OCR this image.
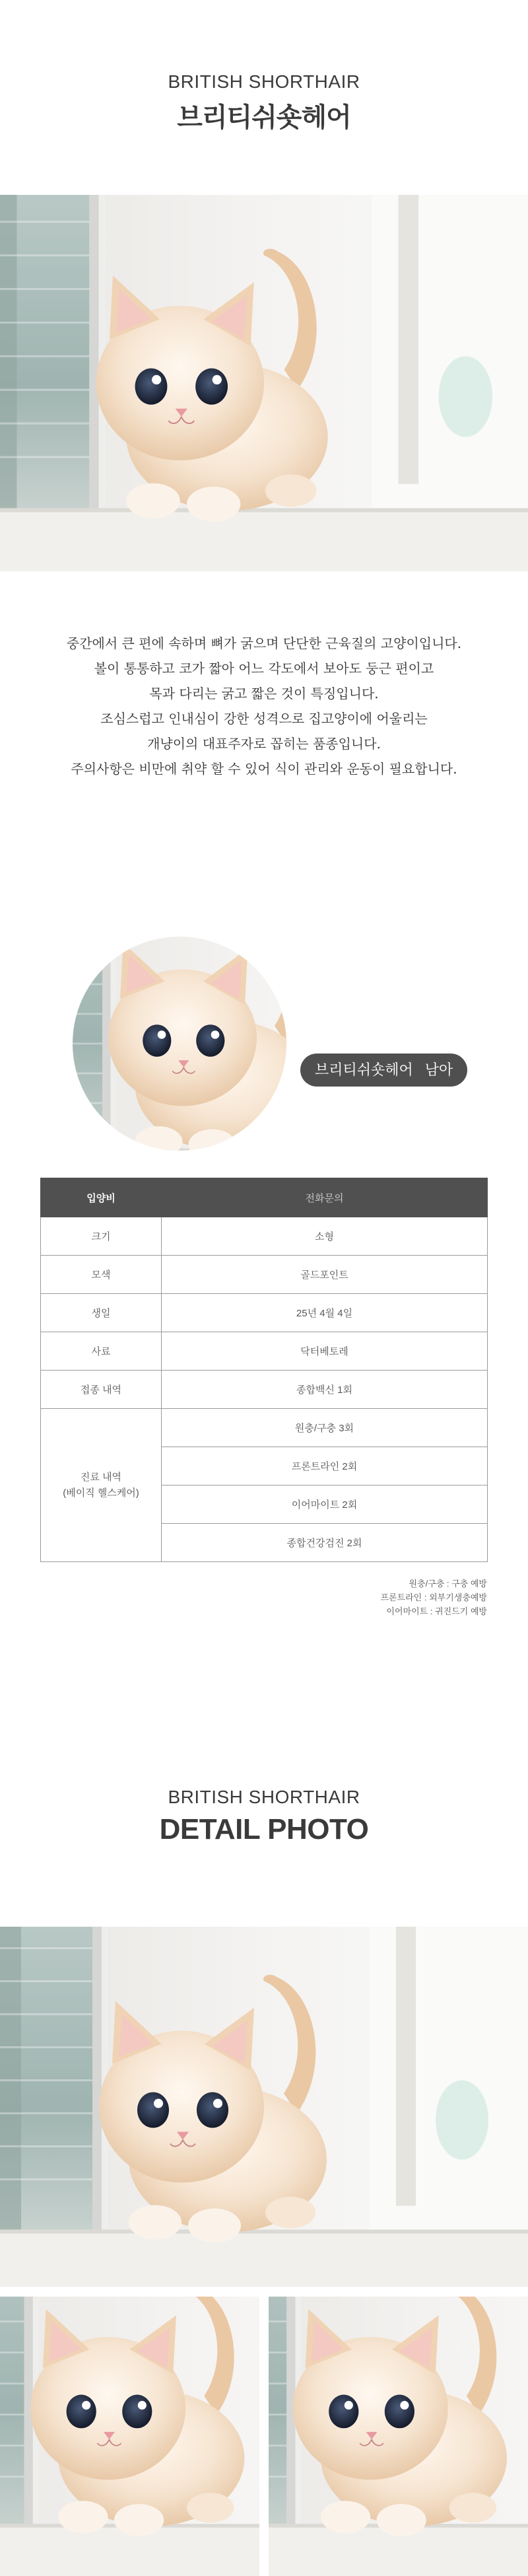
BRITISH SHORTHAIR
브리티쉬숏헤어

중간에서 큰 편에 속하며 뼈가 굵으며 단단한 근육질의 고양이입니다.

볼이 통통하고 코가 짧아 어느 각도에서 보아도 둥근 편이고

목과 다리는 굵고 짧은 것이 특징입니다.

조심스럽고 인내심이 강한 성격으로 집고양이에 어울리는

개냥이의 대표주자로 꼽히는 품종입니다.

주의사항은 비만에 취약 할 수 있어 식이 관리와 운동이 필요합니다.

브리티쉬숏헤어 남아
입양비	전화문의
크기	소형
모색	골드포인트
생일	25년 4월 4일
사료	닥터베토레
접종 내역	종합백신 1회
진료 내역
(베이직 헬스케어)	원충/구충 3회
	프론트라인 2회
	이어마이트 2회
	종합건강검진 2회
원충/구충 : 구충 예방
프론트라인 : 외부기생충예방
이어마이트 : 귀진드기 예방
BRITISH SHORTHAIR
DETAIL PHOTO
